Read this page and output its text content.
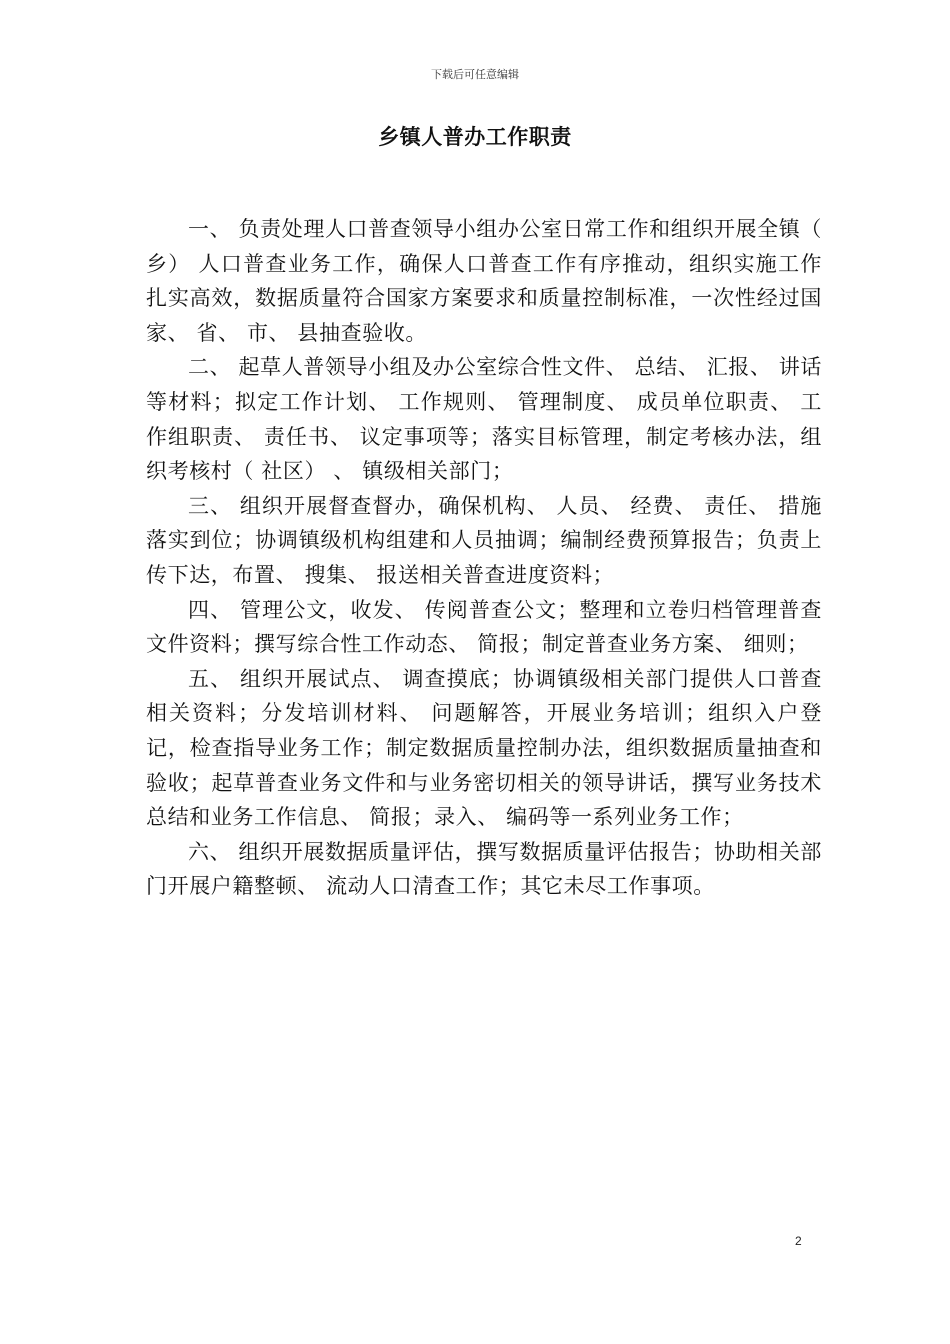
下载后可任意编辑
乡镇人普办工作职责

一、 负责处理人口普查领导小组办公室日常工作和组织开展全镇（ 乡） 人口普查业务工作，确保人口普查工作有序推动，组织实施工作扎实高效，数据质量符合国家方案要求和质量控制标准，一次性经过国家、 省、 市、 县抽查验收。

二、 起草人普领导小组及办公室综合性文件、 总结、 汇报、 讲话等材料；拟定工作计划、 工作规则、 管理制度、 成员单位职责、 工作组职责、 责任书、 议定事项等；落实目标管理，制定考核办法，组织考核村（ 社区） 、 镇级相关部门；

三、 组织开展督查督办，确保机构、 人员、 经费、 责任、 措施落实到位；协调镇级机构组建和人员抽调；编制经费预算报告；负责上传下达，布置、 搜集、 报送相关普查进度资料；

四、 管理公文，收发、 传阅普查公文；整理和立卷归档管理普查文件资料；撰写综合性工作动态、 简报；制定普查业务方案、 细则；

五、 组织开展试点、 调查摸底；协调镇级相关部门提供人口普查相关资料；分发培训材料、 问题解答，开展业务培训；组织入户登记，检查指导业务工作；制定数据质量控制办法，组织数据质量抽查和验收；起草普查业务文件和与业务密切相关的领导讲话，撰写业务技术总结和业务工作信息、 简报；录入、 编码等一系列业务工作；

六、 组织开展数据质量评估，撰写数据质量评估报告；协助相关部门开展户籍整顿、 流动人口清查工作；其它未尽工作事项。

2
